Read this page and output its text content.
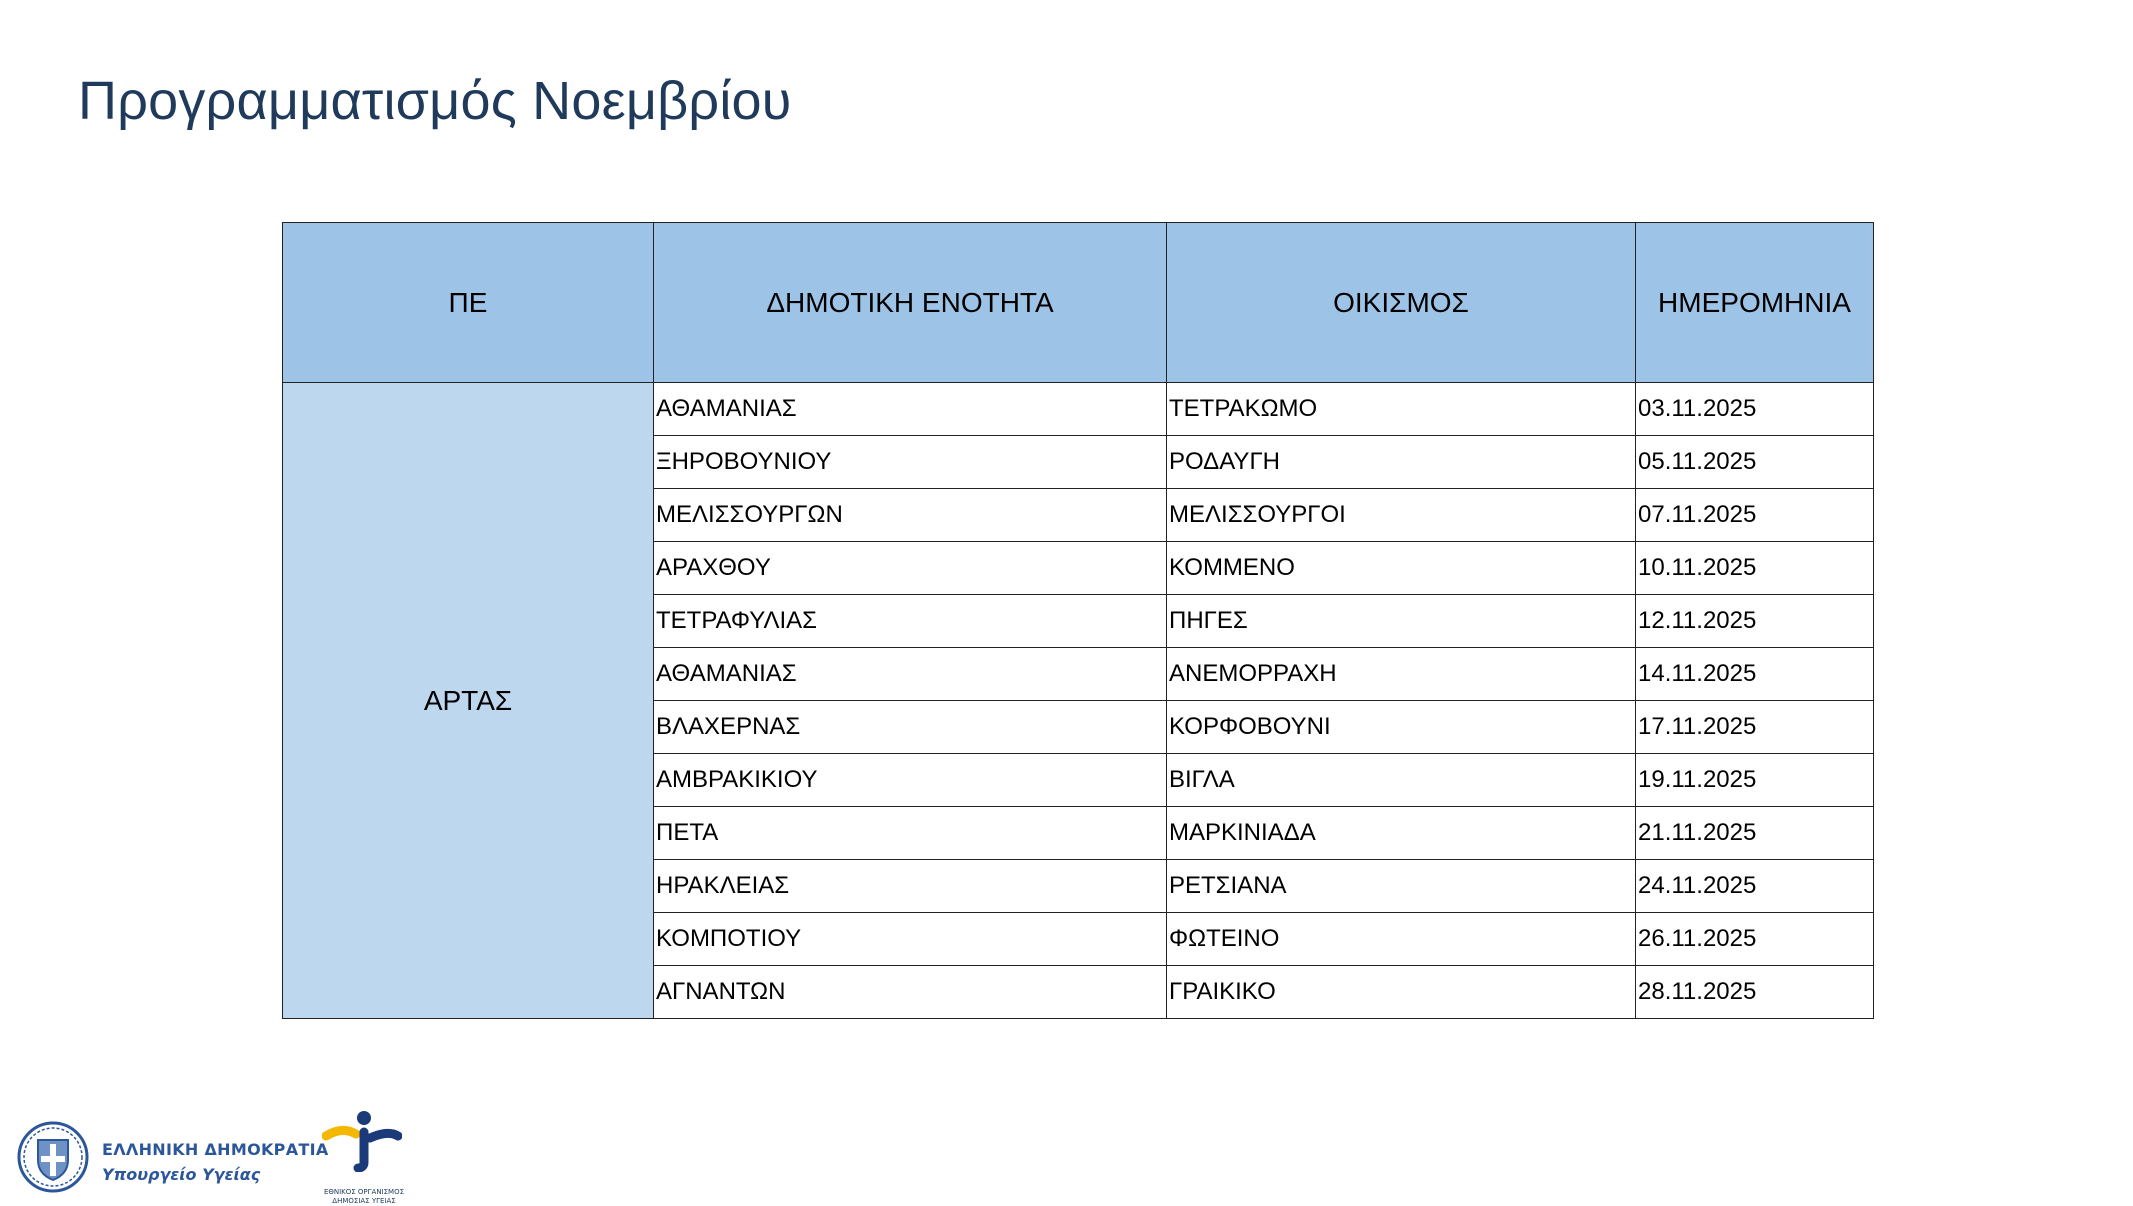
Προγραμματισμός Νοεμβρίου
ΠΕ	ΔΗΜΟΤΙΚΗ ΕΝΟΤΗΤΑ	ΟΙΚΙΣΜΟΣ	ΗΜΕΡΟΜΗΝΙΑ
ΑΡΤΑΣ	ΑΘΑΜΑΝΙΑΣ	ΤΕΤΡΑΚΩΜΟ	03.11.2025
	ΞΗΡΟΒΟΥΝΙΟΥ	ΡΟΔΑΥΓΗ	05.11.2025
	ΜΕΛΙΣΣΟΥΡΓΩΝ	ΜΕΛΙΣΣΟΥΡΓΟΙ	07.11.2025
	ΑΡΑΧΘΟΥ	ΚΟΜΜΕΝΟ	10.11.2025
	ΤΕΤΡΑΦΥΛΙΑΣ	ΠΗΓΕΣ	12.11.2025
	ΑΘΑΜΑΝΙΑΣ	ΑΝΕΜΟΡΡΑΧΗ	14.11.2025
	ΒΛΑΧΕΡΝΑΣ	ΚΟΡΦΟΒΟΥΝΙ	17.11.2025
	ΑΜΒΡΑΚΙΚΙΟΥ	ΒΙΓΛΑ	19.11.2025
	ΠΕΤΑ	ΜΑΡΚΙΝΙΑΔΑ	21.11.2025
	ΗΡΑΚΛΕΙΑΣ	ΡΕΤΣΙΑΝΑ	24.11.2025
	ΚΟΜΠΟΤΙΟΥ	ΦΩΤΕΙΝΟ	26.11.2025
	ΑΓΝΑΝΤΩΝ	ΓΡΑΙΚΙΚΟ	28.11.2025
ΕΛΛΗΝΙΚΗ ΔΗΜΟΚΡΑΤΙΑ
Υπουργείο Υγείας
ΕΘΝΙΚΟΣ ΟΡΓΑΝΙΣΜΟΣ ΔΗΜΟΣΙΑΣ ΥΓΕΙΑΣ
